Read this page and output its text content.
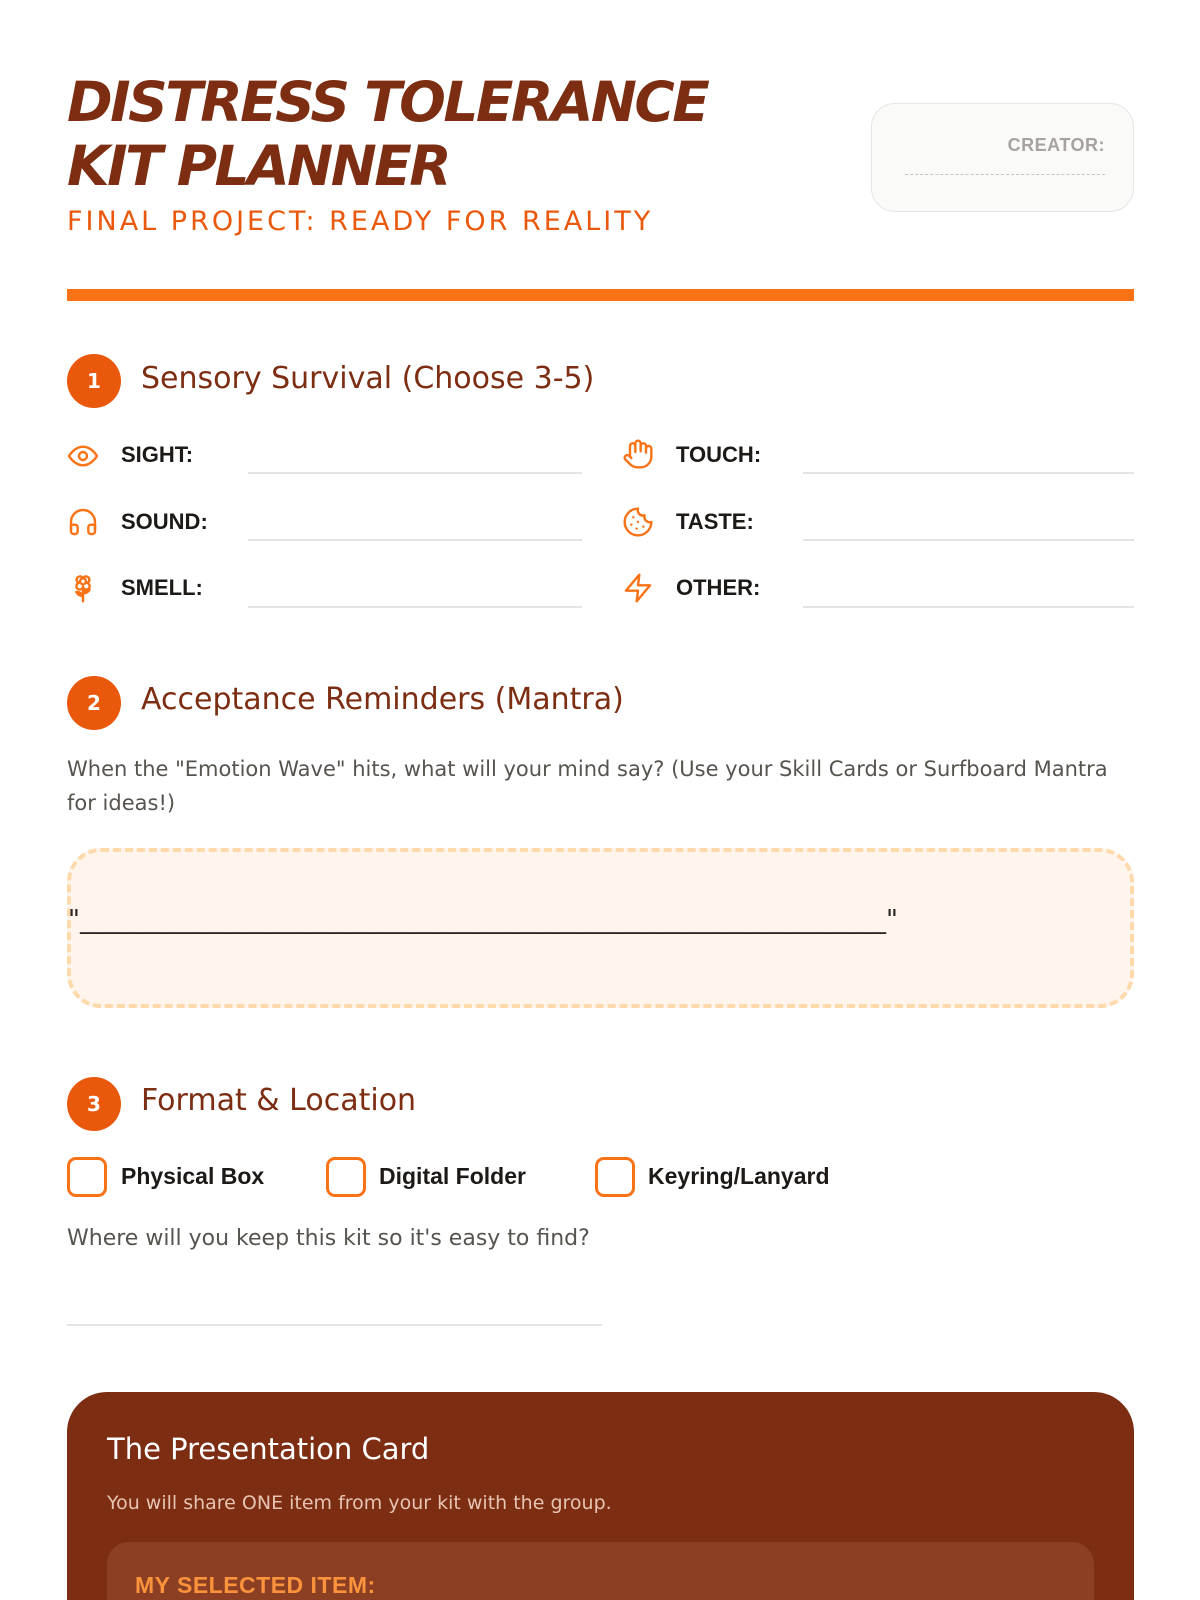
DISTRESS TOLERANCE
KIT PLANNER
FINAL PROJECT: READY FOR REALITY
CREATOR:
1	Sensory Survival (Choose 3-5)
SIGHT:	TOUCH:
SOUND:	TASTE:
SMELL:	OTHER:
2	Acceptance Reminders (Mantra)
When the "Emotion Wave" hits, what will your mind say? (Use your Skill Cards or Surfboard Mantra for ideas!)
"______________________________________________________________"
3	Format & Location
Physical Box	Digital Folder	Keyring/Lanyard
Where will you keep this kit so it's easy to find?
The Presentation Card
You will share ONE item from your kit with the group.
MY SELECTED ITEM:
